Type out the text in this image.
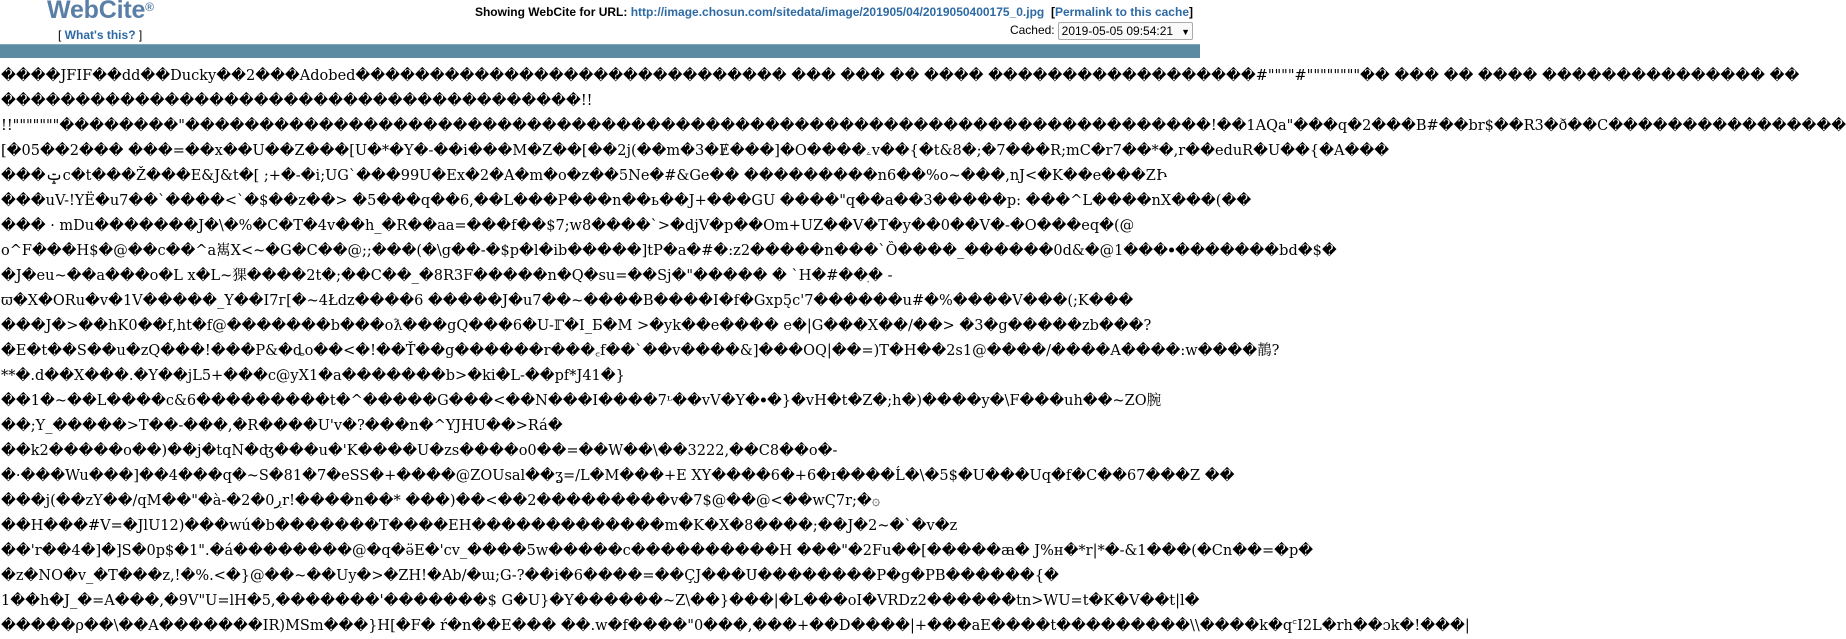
WebCite®
[ What's this? ]
Showing WebCite for URL: http://image.chosun.com/sitedata/image/201905/04/2019050400175_0.jpg [Permalink to this cache]
Cached: 2019-05-05 09:54:21 ▼
����JFIF��dd��Ducky��2���Adobed����������������������������� ��� ��� �� ���� ������������������#""""#""""""""�� ��� �� ���� ��������������� ��
���������������������������������������!!
!!"""""""��������"���������������������������������������������������������������������!��1AQa"���q�2���B#��br$��R3�ð��C����������������
[�05��2��� ���=��x��U��Z���[U�*�Y�-��i���M�Z��[��2j(��m�3�Ɇ���]�O����ۦv��{�t&8�;�7���R;mC�r7��*�,r��eduR�U��{�A���
���ݓc�t���Ž���E&J&t�[ ;+�-�i;UG`���99U�Ex�2�A�m�o�z��5Ne�#&Ge�� ���������n6��%o~���,nJ<�K��e���ZԻ
���uV-!YË�u7��`����<`�$��z��> �5���q��6,��L���P���n��ь��J+���GU ����"q��a��3�����p: ���^L����nX���(��
��� · mDu�������J�\�%�C�T�4v��h_�R��aa=���f��$7;w8����`>�djV�p��Om+UZ��V�T�y��0��V�-�O���eq�(@
o^F���H$�@��c��^a嶲X<~�G�C��@;;���(�\g��-�$p�l�ib�����]tP�a�#�:z2�����n���`Ȍ����_������0d&�@1���ꔷ�������bd�$�
�J�eu~��a���o�L x�L~猓����2t�;��C��_�8R3F�����n�Q�su=��Sj�"����� � `H�#��ֽ� -
ϖ�X�ORu�v�1V�����_Y��I7ᴦ[�~4Łdz����6 �����J�u7��~����B����I�f�Gxp5̨c'7������u#�%����V���(;K���
���J�>��hK0��f,ht�f@�������b���oƛ���gQ���6�U-ℾ�I_Б�M >�yk��e���� e�|G���X��/��> �3�g�����zb���?
�E�t��S��u�zQ���!���P&�ȡo��<�!��Ť��g������r���꜀f��`��v����&]���OQ|��=)T�H��2s1@����/����A����:w����鶄?
**�.d��X���.�Y��jL5+���c@yX1�a�������b>�ki�L-��pf*J41�}
��1�~��L����c&6���������t�^�����G���<��N���I����7ᶫ��vV�Y�ꔷ�}�vH�t�Z�;h�)����y�\F���uh��~ZO腕
��;Y_�����>T��-���,�R����U'v�?���n�^YJHU��>Rá�
��k2�����o��)��j�tqN�ʤ���u�'K����U�zs����o0��=��W��\��3222,��C8��o�-
�·���Wu���]��4���q�~S�81�7�eSS�+����@ZOUsal��ʓ=/L�M���+E XY����6�+6�ɪ����Ĺ�\�5$�U���Uq�f�C��67���Z ��
���j(��zY��/qM��"�à-�2�0ڔr!����n��* ���)��<��2���������v�7$@��@<��wϚ7r;�۞
��H���#V=�JlU12)���wú�b�������T����EH�������������m�K�X�8����;��J�2~�`�v�z
��'r��4�]�]S�0p$�1".�á��������@�q�ӛE�'cv_����5w�����c����������H ���"�2Fu��[�����ꜳ� J%н�*r|*�-&1���(�Cn��=�p�
�z�NO�v_�T���z,!�%.<�}@��~��Uy�>�ZH!�Ab/�ɯ;G-?��i�6����=��ÇJ���Ս��������P�g�PB������{�
1��h�J_�=A���,�9V"U=lH�5,�������'�������$ G�U}�Y������~Z\��}���|�L���oI�VRDz2������tn>WU=t�K�V��t|l�
�����ρ��\��A�������IR)MSm���}H[�F� ŕ�n��E��� ��.w�f����"0���,���+��D����|+���aE����t���������\\����k�q꜂I2L�rh��ɔk�!���|
